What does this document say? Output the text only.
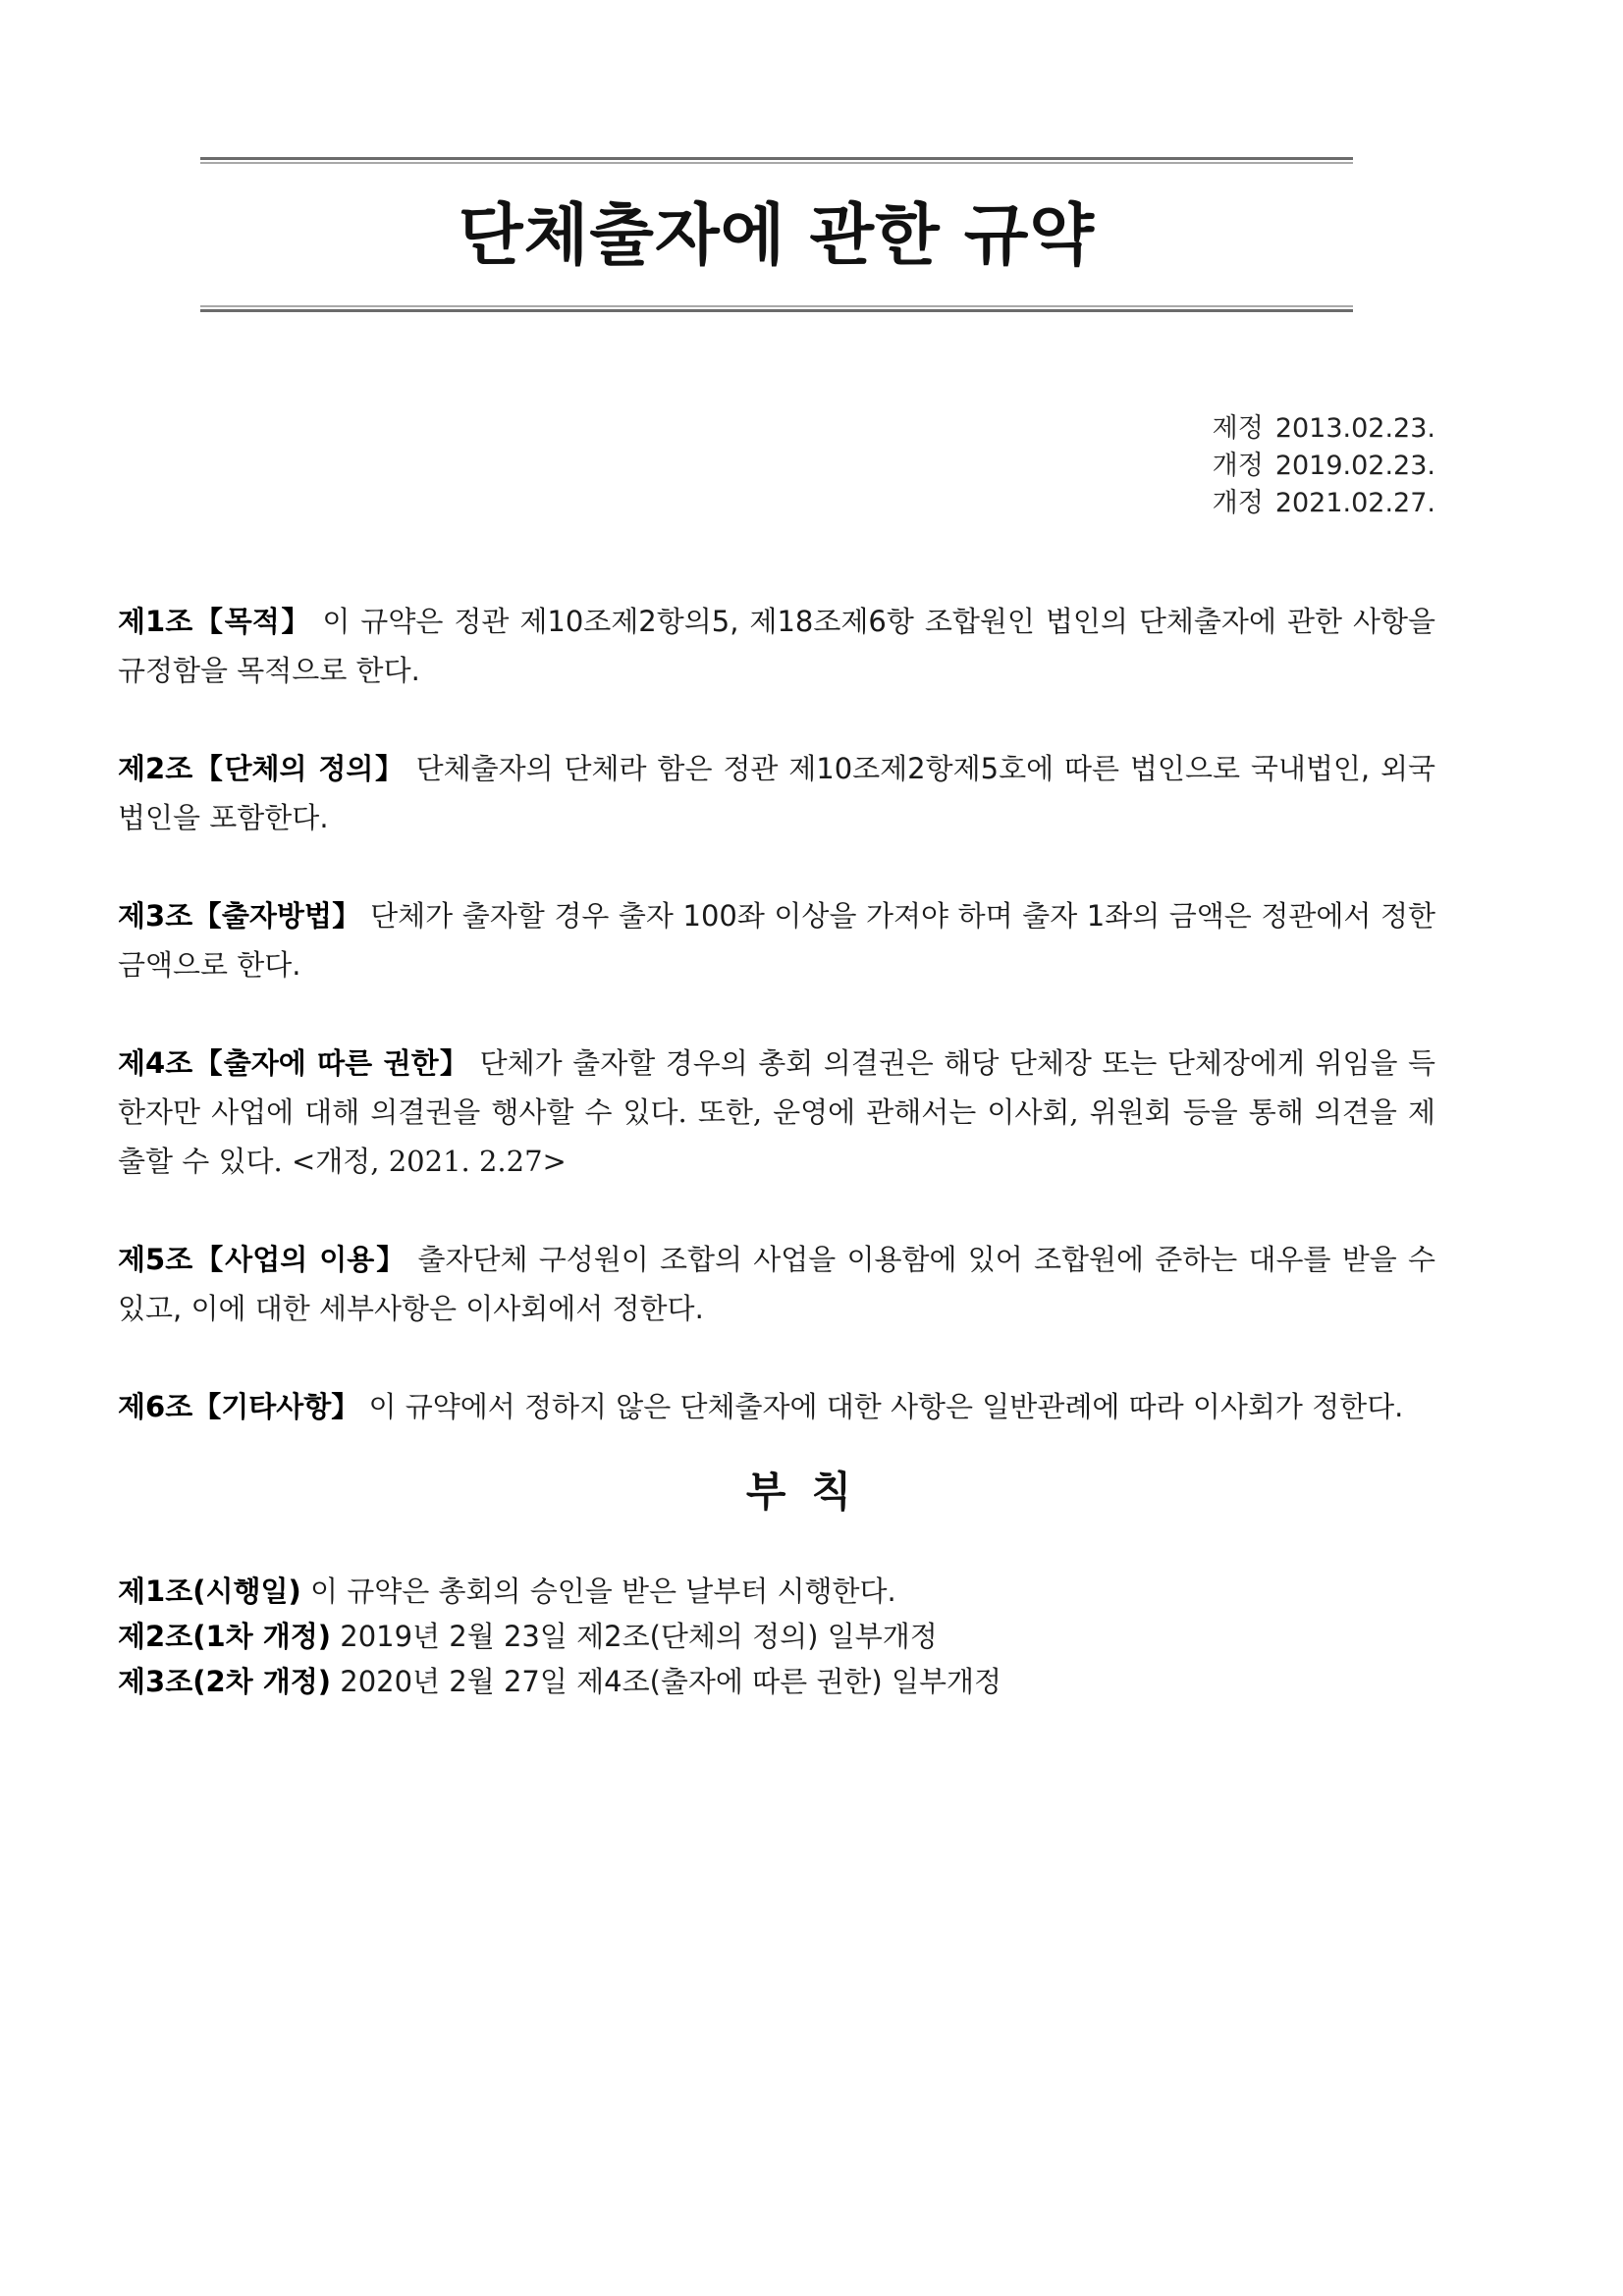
단체출자에 관한 규약
제정 2013.02.23.
개정 2019.02.23.
개정 2021.02.27.

제1조【목적】 이 규약은 정관 제10조제2항의5, 제18조제6항 조합원인 법인의 단체출자에 관한 사항을 규정함을 목적으로 한다.

제2조【단체의 정의】 단체출자의 단체라 함은 정관 제10조제2항제5호에 따른 법인으로 국내법인, 외국법인을 포함한다.

제3조【출자방법】 단체가 출자할 경우 출자 100좌 이상을 가져야 하며 출자 1좌의 금액은 정관에서 정한 금액으로 한다.

제4조【출자에 따른 권한】 단체가 출자할 경우의 총회 의결권은 해당 단체장 또는 단체장에게 위임을 득 한자만 사업에 대해 의결권을 행사할 수 있다. 또한, 운영에 관해서는 이사회, 위원회 등을 통해 의견을 제출할 수 있다. <개정, 2021. 2.27>

제5조【사업의 이용】 출자단체 구성원이 조합의 사업을 이용함에 있어 조합원에 준하는 대우를 받을 수 있고, 이에 대한 세부사항은 이사회에서 정한다.

제6조【기타사항】 이 규약에서 정하지 않은 단체출자에 대한 사항은 일반관례에 따라 이사회가 정한다.

부칙
제1조(시행일) 이 규약은 총회의 승인을 받은 날부터 시행한다.
제2조(1차 개정) 2019년 2월 23일 제2조(단체의 정의) 일부개정
제3조(2차 개정) 2020년 2월 27일 제4조(출자에 따른 권한) 일부개정
